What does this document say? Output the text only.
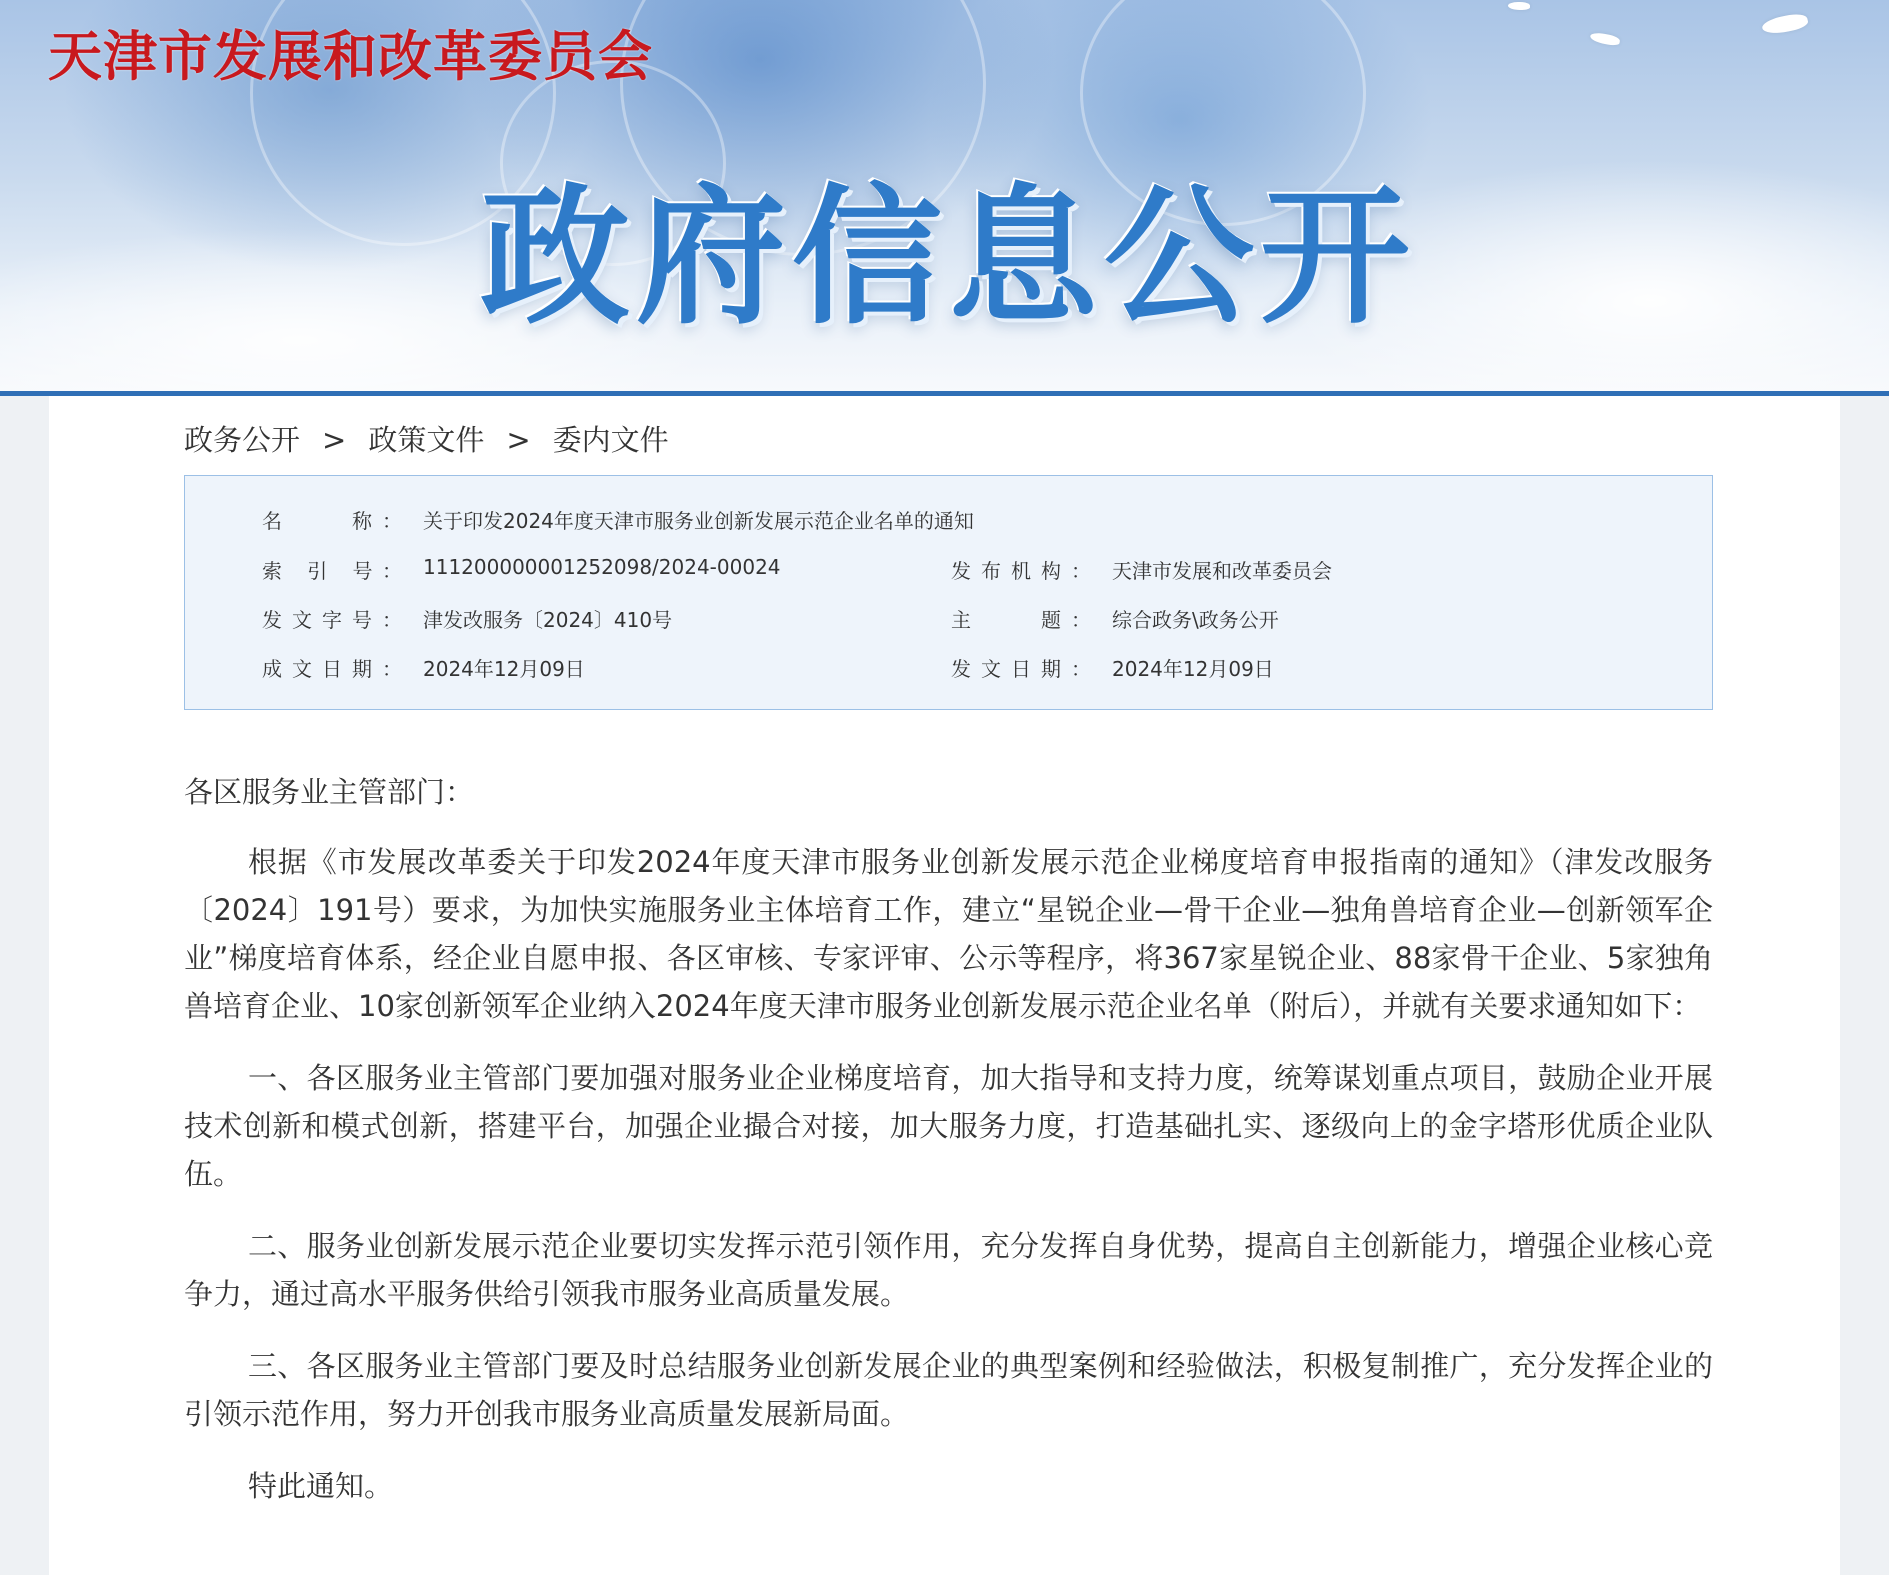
天津市发展和改革委员会
政府信息公开
政务公开 > 政策文件 > 委内文件
名　　称： 关于印发2024年度天津市服务业创新发展示范企业名单的通知
索 引 号： 111200000001252098/2024-00024	发布机构： 天津市发展和改革委员会
发文字号： 津发改服务〔2024〕410号	主　　题： 综合政务\政务公开
成文日期： 2024年12月09日	发文日期： 2024年12月09日

各区服务业主管部门：

根据《市发展改革委关于印发2024年度天津市服务业创新发展示范企业梯度培育申报指南的通知》（津发改服务〔2024〕191号）要求，为加快实施服务业主体培育工作，建立“星锐企业—骨干企业—独角兽培育企业—创新领军企业”梯度培育体系，经企业自愿申报、各区审核、专家评审、公示等程序，将367家星锐企业、88家骨干企业、5家独角兽培育企业、10家创新领军企业纳入2024年度天津市服务业创新发展示范企业名单（附后），并就有关要求通知如下：

一、各区服务业主管部门要加强对服务业企业梯度培育，加大指导和支持力度，统筹谋划重点项目，鼓励企业开展技术创新和模式创新，搭建平台，加强企业撮合对接，加大服务力度，打造基础扎实、逐级向上的金字塔形优质企业队伍。

二、服务业创新发展示范企业要切实发挥示范引领作用，充分发挥自身优势，提高自主创新能力，增强企业核心竞争力，通过高水平服务供给引领我市服务业高质量发展。

三、各区服务业主管部门要及时总结服务业创新发展企业的典型案例和经验做法，积极复制推广，充分发挥企业的引领示范作用，努力开创我市服务业高质量发展新局面。

特此通知。
